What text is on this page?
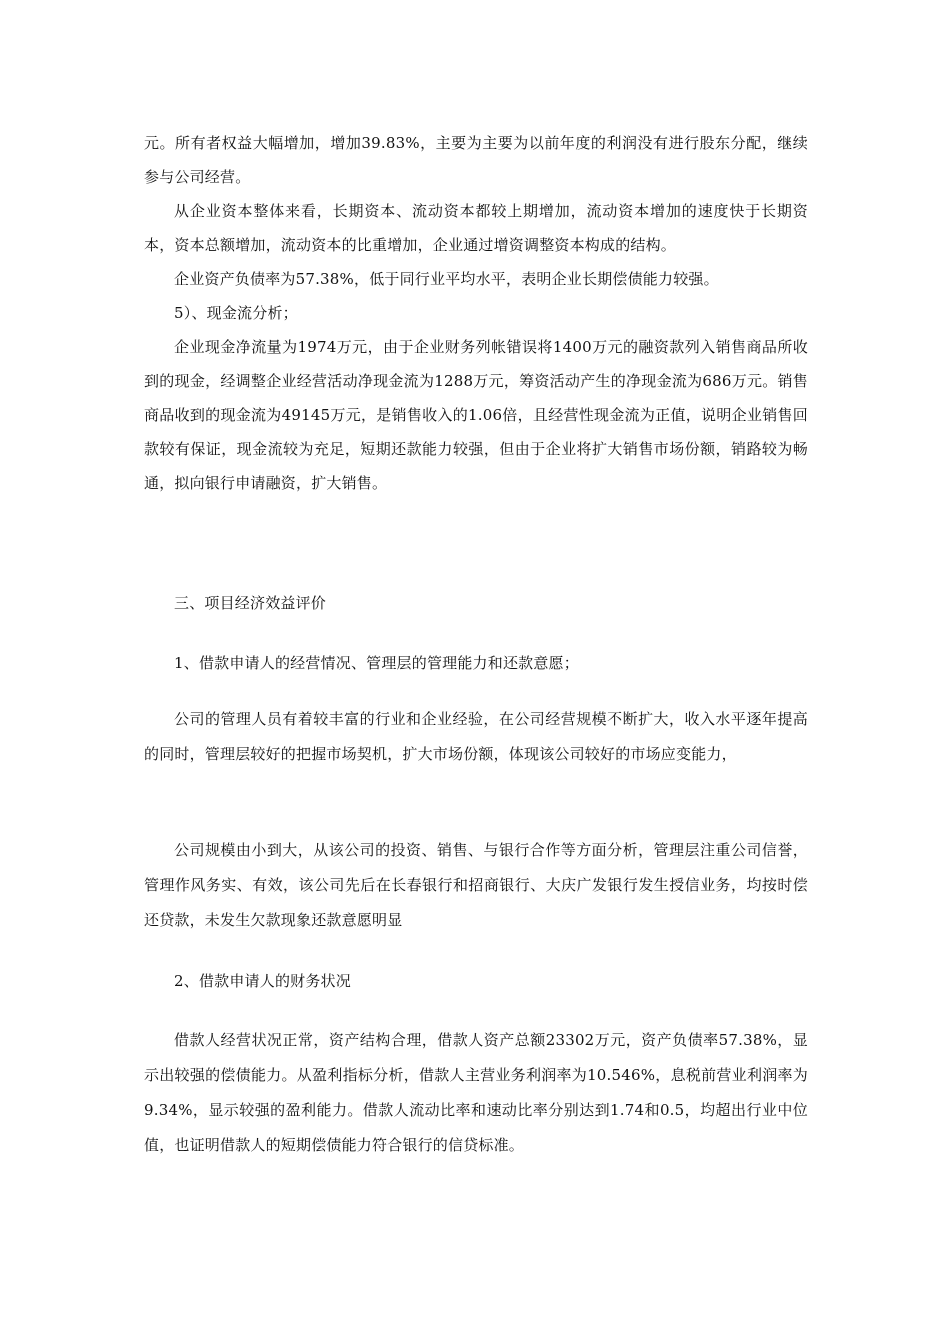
元。所有者权益大幅增加，增加39.83%，主要为主要为以前年度的利润没有进行股东分配，继续参与公司经营。

从企业资本整体来看，长期资本、流动资本都较上期增加，流动资本增加的速度快于长期资本，资本总额增加，流动资本的比重增加，企业通过增资调整资本构成的结构。

企业资产负债率为57.38%，低于同行业平均水平，表明企业长期偿债能力较强。

5）、现金流分析；

企业现金净流量为1974万元，由于企业财务列帐错误将1400万元的融资款列入销售商品所收到的现金，经调整企业经营活动净现金流为1288万元，筹资活动产生的净现金流为686万元。销售商品收到的现金流为49145万元，是销售收入的1.06倍，且经营性现金流为正值，说明企业销售回款较有保证，现金流较为充足，短期还款能力较强，但由于企业将扩大销售市场份额，销路较为畅通，拟向银行申请融资，扩大销售。

三、项目经济效益评价

1、借款申请人的经营情况、管理层的管理能力和还款意愿；

公司的管理人员有着较丰富的行业和企业经验，在公司经营规模不断扩大，收入水平逐年提高的同时，管理层较好的把握市场契机，扩大市场份额，体现该公司较好的市场应变能力，

公司规模由小到大，从该公司的投资、销售、与银行合作等方面分析，管理层注重公司信誉，管理作风务实、有效，该公司先后在长春银行和招商银行、大庆广发银行发生授信业务，均按时偿还贷款，未发生欠款现象还款意愿明显

2、借款申请人的财务状况

借款人经营状况正常，资产结构合理，借款人资产总额23302万元，资产负债率57.38%，显示出较强的偿债能力。从盈利指标分析，借款人主营业务利润率为10.546%，息税前营业利润率为9.34%，显示较强的盈利能力。借款人流动比率和速动比率分别达到1.74和0.5，均超出行业中位值，也证明借款人的短期偿债能力符合银行的信贷标准。
